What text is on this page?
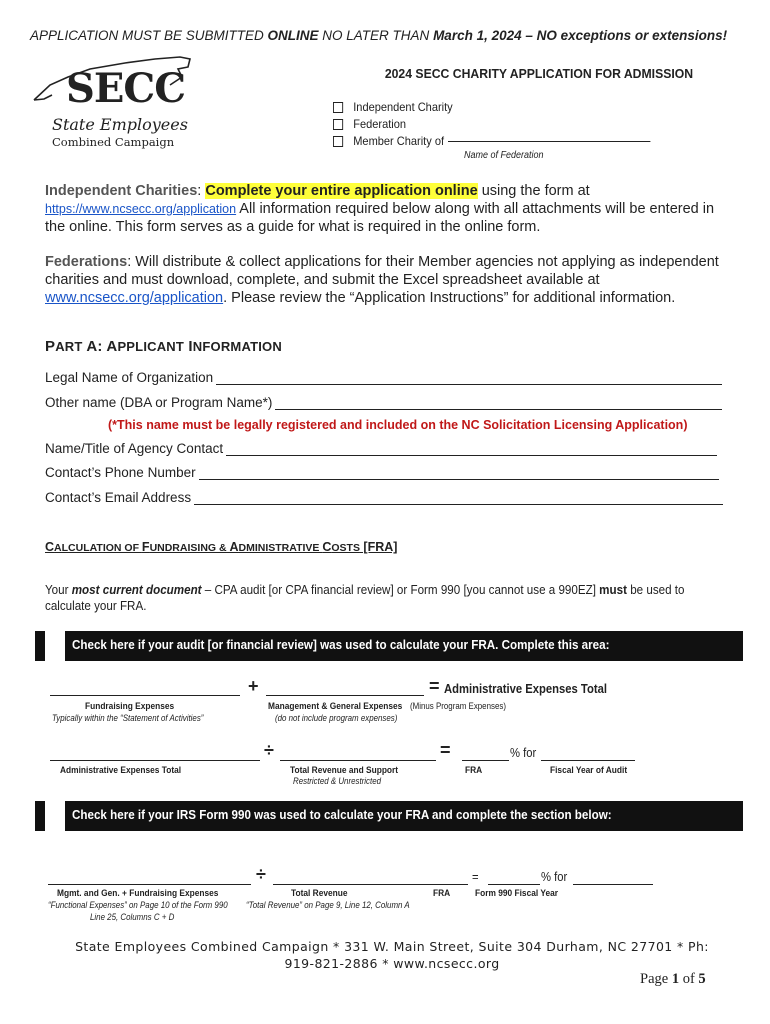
APPLICATION MUST BE SUBMITTED ONLINE NO LATER THAN March 1, 2024 – NO exceptions or extensions!
SECC
State Employees
Combined Campaign
2024 SECC CHARITY APPLICATION FOR ADMISSION
Independent Charity
Federation
Member Charity of
Name of Federation
Independent Charities: Complete your entire application online using the form at https://www.ncsecc.org/application All information required below along with all attachments will be entered in the online. This form serves as a guide for what is required in the online form.
Federations: Will distribute & collect applications for their Member agencies not applying as independent charities and must download, complete, and submit the Excel spreadsheet available at www.ncsecc.org/application. Please review the “Application Instructions” for additional information.
PART A: APPLICANT INFORMATION
Legal Name of Organization
Other name (DBA or Program Name*)
(*This name must be legally registered and included on the NC Solicitation Licensing Application)
Name/Title of Agency Contact
Contact’s Phone Number
Contact’s Email Address
CALCULATION OF FUNDRAISING & ADMINISTRATIVE COSTS [FRA]
Your most current document – CPA audit [or CPA financial review] or Form 990 [you cannot use a 990EZ] must be used to calculate your FRA.
Check here if your audit [or financial review] was used to calculate your FRA. Complete this area:
+	= Administrative Expenses Total
Fundraising Expenses
Typically within the “Statement of Activities”
Management & General Expenses (Minus Program Expenses)
(do not include program expenses)
÷	=	% for
Administrative Expenses Total	Total Revenue and Support
Restricted & Unrestricted
FRA	Fiscal Year of Audit
Check here if your IRS Form 990 was used to calculate your FRA and complete the section below:
÷	=	% for
Mgmt. and Gen. + Fundraising Expenses
“Functional Expenses” on Page 10 of the Form 990
Line 25, Columns C + D
Total Revenue
“Total Revenue” on Page 9, Line 12, Column A
FRA	Form 990 Fiscal Year
State Employees Combined Campaign * 331 W. Main Street, Suite 304 Durham, NC 27701 * Ph: 919-821-2886 * www.ncsecc.org
Page 1 of 5
